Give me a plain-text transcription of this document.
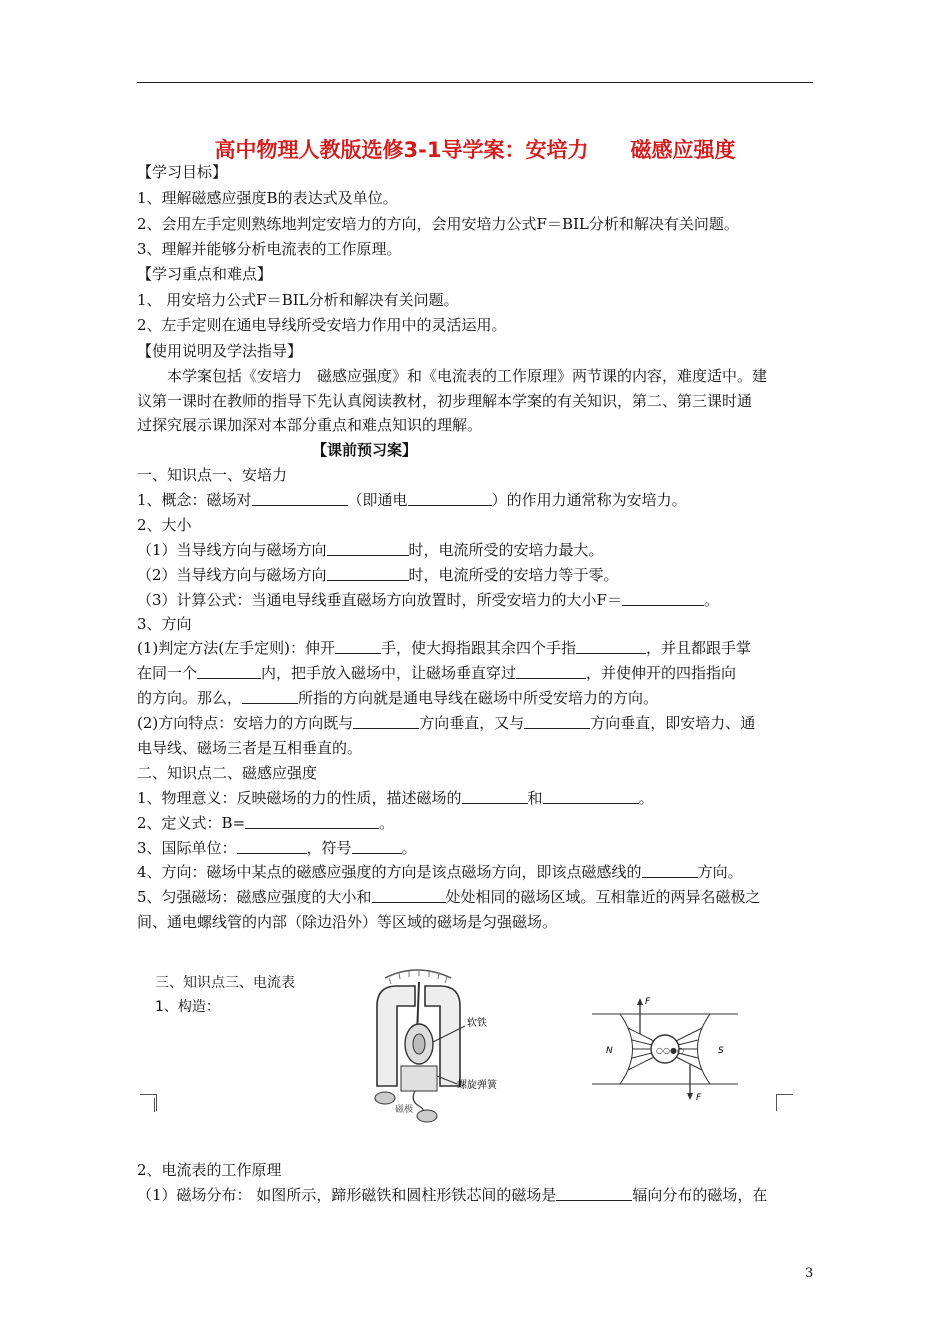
高中物理人教版选修3-1导学案：安培力　　磁感应强度
【学习目标】
1、理解磁感应强度B的表达式及单位。
2、会用左手定则熟练地判定安培力的方向，会用安培力公式F＝BIL分析和解决有关问题。
3、理解并能够分析电流表的工作原理。
【学习重点和难点】
1、 用安培力公式F＝BIL分析和解决有关问题。
2、左手定则在通电导线所受安培力作用中的灵活运用。
【使用说明及学法指导】
本学案包括《安培力　磁感应强度》和《电流表的工作原理》两节课的内容，难度适中。建
议第一课时在教师的指导下先认真阅读教材，初步理解本学案的有关知识，第二、第三课时通
过探究展示课加深对本部分重点和难点知识的理解。
【课前预习案】
一、知识点一、安培力
1、概念：磁场对	（即通电	）的作用力通常称为安培力。
2、大小
（1）当导线方向与磁场方向	时，电流所受的安培力最大。
（2）当导线方向与磁场方向	时，电流所受的安培力等于零。
（3）计算公式：当通电导线垂直磁场方向放置时，所受安培力的大小F＝	。
3、方向
(1)判定方法(左手定则)：伸开	手，使大拇指跟其余四个手指	，并且都跟手掌
在同一个	内，把手放入磁场中，让磁场垂直穿过	，并使伸开的四指指向
的方向。那么，	所指的方向就是通电导线在磁场中所受安培力的方向。
(2)方向特点：安培力的方向既与	方向垂直，又与	方向垂直，即安培力、通
电导线、磁场三者是互相垂直的。
二、知识点二、磁感应强度
1、物理意义：反映磁场的力的性质，描述磁场的	和	。
2、定义式：B=	。
3、国际单位：	，符号	。
4、方向：磁场中某点的磁感应强度的方向是该点磁场方向，即该点磁感线的	方向。
5、匀强磁场：磁感应强度的大小和	处处相同的磁场区域。互相靠近的两异名磁极之
间、通电螺线管的内部（除边沿外）等区域的磁场是匀强磁场。
三、知识点三、电流表
1、构造：
软铁
螺旋弹簧
磁极
○○●○
F
F
N	S
2、电流表的工作原理
（1）磁场分布： 如图所示，蹄形磁铁和圆柱形铁芯间的磁场是	辐向分布的磁场，在
3
